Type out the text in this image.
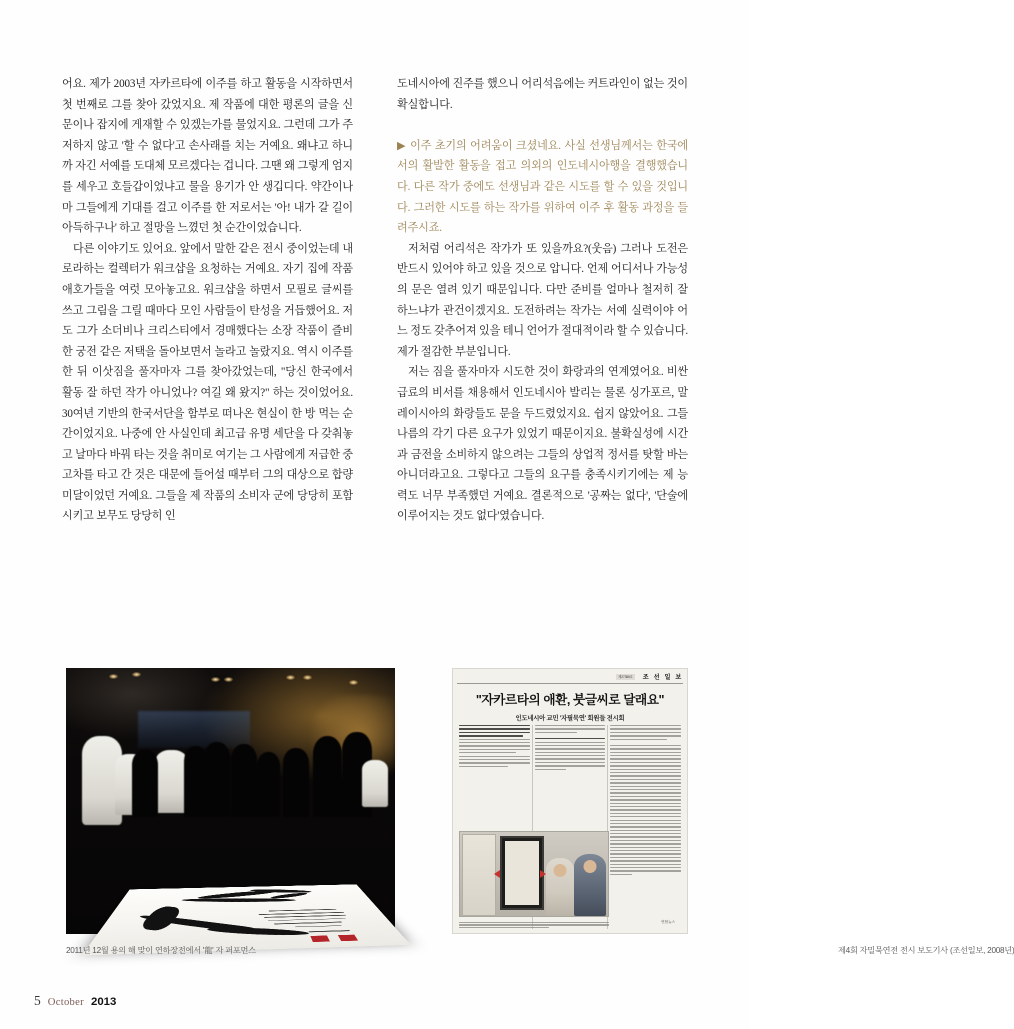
어요. 제가 2003년 자카르타에 이주를 하고 활동을 시작하면서 첫 번째로 그를 찾아 갔었지요. 제 작품에 대한 평론의 글을 신문이나 잡지에 게재할 수 있겠는가를 물었지요. 그런데 그가 주저하지 않고 '할 수 없다'고 손사래를 치는 거예요. 왜냐고 하니까 자긴 서예를 도대체 모르겠다는 겁니다. 그땐 왜 그렇게 엄지를 세우고 호들갑이었냐고 물을 용기가 안 생깁디다. 약간이나마 그들에게 기대를 걸고 이주를 한 저로서는 '아! 내가 갈 길이 아득하구나' 하고 절망을 느꼈던 첫 순간이었습니다.

다른 이야기도 있어요. 앞에서 말한 같은 전시 중이었는데 내로라하는 컬렉터가 워크샵을 요청하는 거예요. 자기 집에 작품 애호가들을 여럿 모아놓고요. 워크샵을 하면서 모필로 글씨를 쓰고 그림을 그릴 때마다 모인 사람들이 탄성을 거듭했어요. 저도 그가 소더비나 크리스티에서 경매했다는 소장 작품이 즐비한 궁전 같은 저택을 돌아보면서 놀라고 놀랐지요. 역시 이주를 한 뒤 이삿짐을 풀자마자 그를 찾아갔었는데, "당신 한국에서 활동 잘 하던 작가 아니었나? 여길 왜 왔지?" 하는 것이었어요. 30여년 기반의 한국서단을 함부로 떠나온 현실이 한 방 먹는 순간이었지요. 나중에 안 사실인데 최고급 유명 세단을 다 갖춰놓고 날마다 바꿔 타는 것을 취미로 여기는 그 사람에게 저급한 중고차를 타고 간 것은 대문에 들어설 때부터 그의 대상으로 합량 미달이었던 거예요. 그들을 제 작품의 소비자 군에 당당히 포함시키고 보무도 당당히 인

도네시아에 진주를 했으니 어리석음에는 커트라인이 없는 것이 확실합니다.

▶ 이주 초기의 어려움이 크셨네요. 사실 선생님께서는 한국에서의 활발한 활동을 접고 의외의 인도네시아행을 결행했습니다. 다른 작가 중에도 선생님과 같은 시도를 할 수 있을 것입니다. 그러한 시도를 하는 작가를 위하여 이주 후 활동 과정을 들려주시죠.

저처럼 어리석은 작가가 또 있을까요?(웃음) 그러나 도전은 반드시 있어야 하고 있을 것으로 압니다. 언제 어디서나 가능성의 문은 열려 있기 때문입니다. 다만 준비를 얼마나 철저히 잘 하느냐가 관건이겠지요. 도전하려는 작가는 서예 실력이야 어느 정도 갖추어져 있을 테니 언어가 절대적이라 할 수 있습니다. 제가 절감한 부분입니다.

저는 짐을 풀자마자 시도한 것이 화랑과의 연계였어요. 비싼 급료의 비서를 채용해서 인도네시아 발리는 물론 싱가포르, 말레이시아의 화랑들도 문을 두드렸었지요. 쉽지 않았어요. 그들 나름의 각기 다른 요구가 있었기 때문이지요. 불확실성에 시간과 금전을 소비하지 않으려는 그들의 상업적 정서를 탓할 바는 아니더라고요. 그렇다고 그들의 요구를 충족시키기에는 제 능력도 너무 부족했던 거예요. 결론적으로 '공짜는 없다', '단술에 이루어지는 것도 없다'였습니다.

2011년 12월 용의 해 맞이 연하장전에서 '龍' 자 퍼포먼스
제27386호	조 선 일 보
"자카르타의 애환, 붓글씨로 달래요"
인도네시아 교민 '자필묵연' 회원들 전시회
연합뉴스
제4회 자밀묵연전 전시 보도기사 (조선일보, 2008년)
5 October 2013
